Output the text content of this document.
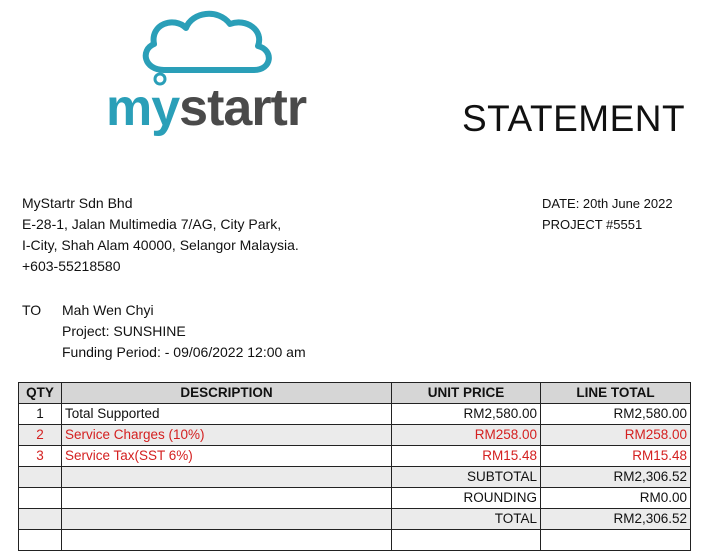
mystartr	STATEMENT
MyStartr Sdn Bhd
E-28-1, Jalan Multimedia 7/AG, City Park,
I-City, Shah Alam 40000, Selangor Malaysia.
+603-55218580
DATE: 20th June 2022
PROJECT #5551
TO Mah Wen Chyi
Project: SUNSHINE
Funding Period: - 09/06/2022 12:00 am
QTY	DESCRIPTION	UNIT PRICE	LINE TOTAL
1	Total Supported	RM2,580.00	RM2,580.00
2	Service Charges (10%)	RM258.00	RM258.00
3	Service Tax(SST 6%)	RM15.48	RM15.48
		SUBTOTAL	RM2,306.52
		ROUNDING	RM0.00
		TOTAL	RM2,306.52
